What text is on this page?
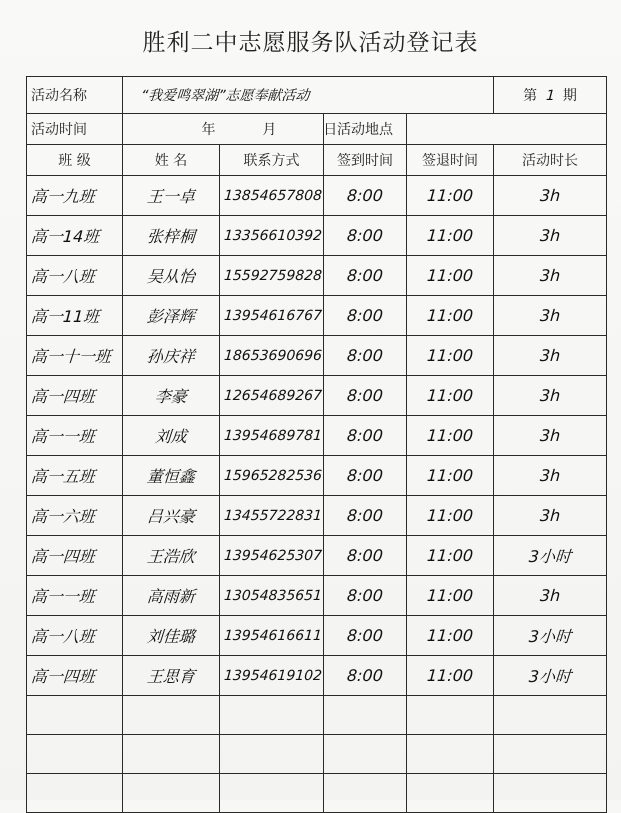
胜利二中志愿服务队活动登记表
活动名称	“我爱鸣翠湖”志愿奉献活动				第 1 期
活动时间	年 月 日		活动地点		
班 级	姓 名	联系方式	签到时间	签退时间	活动时长
高一九班	王一卓	13854657808	8:00	11:00	3h
高一14班	张梓桐	13356610392	8:00	11:00	3h
高一八班	吴从怡	15592759828	8:00	11:00	3h
高一11班	彭泽辉	13954616767	8:00	11:00	3h
高一十一班	孙庆祥	18653690696	8:00	11:00	3h
高一四班	李豪	12654689267	8:00	11:00	3h
高一一班	刘成	13954689781	8:00	11:00	3h
高一五班	董恒鑫	15965282536	8:00	11:00	3h
高一六班	吕兴豪	13455722831	8:00	11:00	3h
高一四班	王浩欣	13954625307	8:00	11:00	3小时
高一一班	高雨新	13054835651	8:00	11:00	3h
高一八班	刘佳璐	13954616611	8:00	11:00	3小时
高一四班	王思育	13954619102	8:00	11:00	3小时
